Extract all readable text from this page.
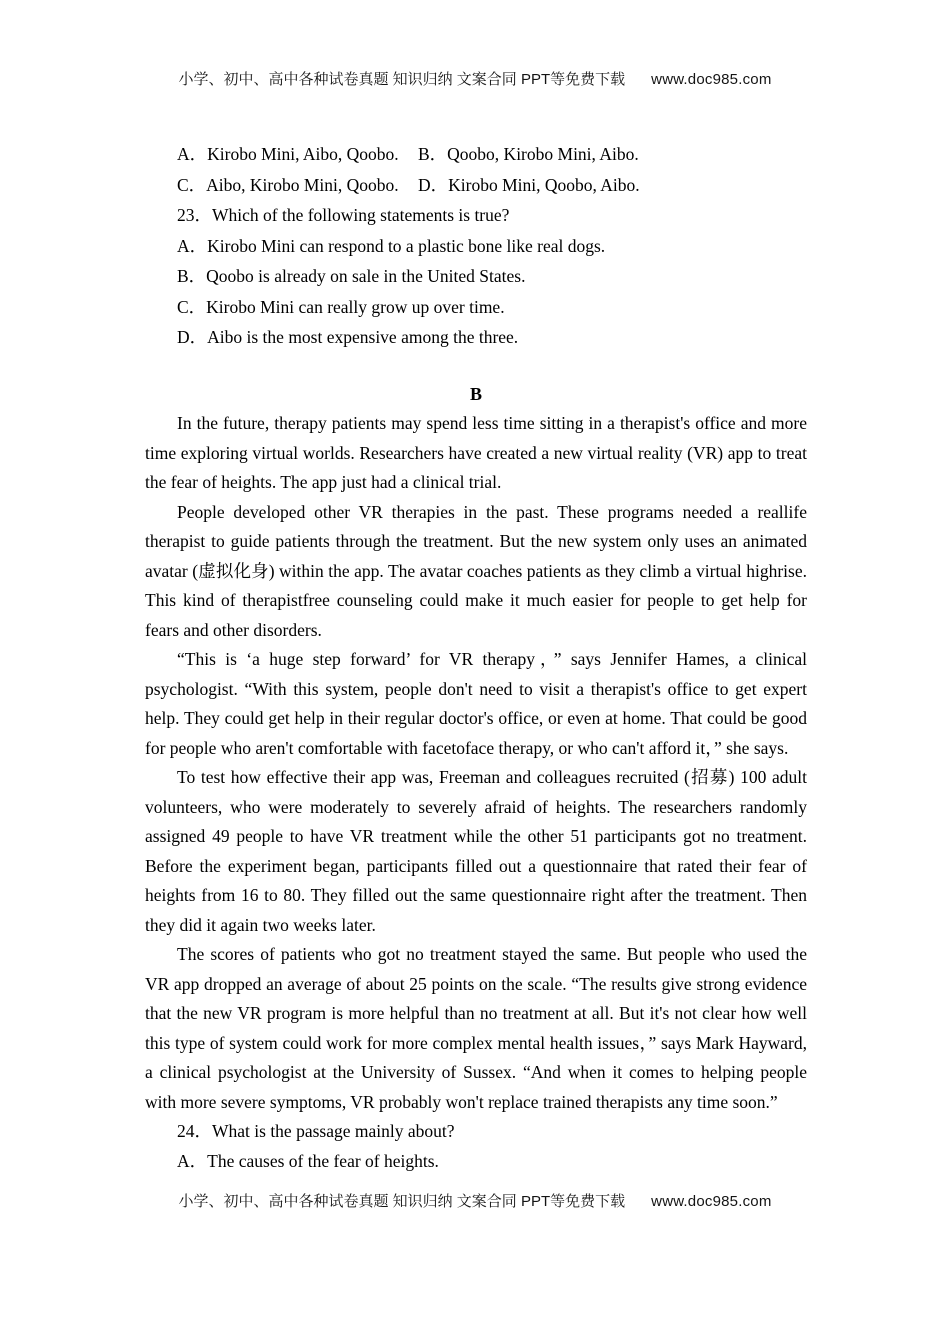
小学、初中、高中各种试卷真题 知识归纳 文案合同 PPT等免费下载 www.doc985.com
A．Kirobo Mini, Aibo, Qoobo. B．Qoobo, Kirobo Mini, Aibo.
C．Aibo, Kirobo Mini, Qoobo. D．Kirobo Mini, Qoobo, Aibo.
23．Which of the following statements is true?
A．Kirobo Mini can respond to a plastic bone like real dogs.
B．Qoobo is already on sale in the United States.
C．Kirobo Mini can really grow up over time.
D．Aibo is the most expensive among the three.
B

In the future, therapy patients may spend less time sitting in a therapist's office and more time exploring virtual worlds. Researchers have created a new virtual reality (VR) app to treat the fear of heights. The app just had a clinical trial.

People developed other VR therapies in the past. These programs needed a reallife therapist to guide patients through the treatment. But the new system only uses an animated avatar (虚拟化身) within the app. The avatar coaches patients as they climb a virtual highrise. This kind of therapistfree counseling could make it much easier for people to get help for fears and other disorders.

“This is ‘a huge step forward’ for VR therapy，” says Jennifer Hames, a clinical psychologist. “With this system, people don't need to visit a therapist's office to get expert help. They could get help in their regular doctor's office, or even at home. That could be good for people who aren't comfortable with facetoface therapy, or who can't afford it，” she says.

To test how effective their app was, Freeman and colleagues recruited (招募) 100 adult volunteers, who were moderately to severely afraid of heights. The researchers randomly assigned 49 people to have VR treatment while the other 51 participants got no treatment. Before the experiment began, participants filled out a questionnaire that rated their fear of heights from 16 to 80. They filled out the same questionnaire right after the treatment. Then they did it again two weeks later.

The scores of patients who got no treatment stayed the same. But people who used the VR app dropped an average of about 25 points on the scale. “The results give strong evidence that the new VR program is more helpful than no treatment at all. But it's not clear how well this type of system could work for more complex mental health issues，” says Mark Hayward, a clinical psychologist at the University of Sussex. “And when it comes to helping people with more severe symptoms, VR probably won't replace trained therapists any time soon.”

24．What is the passage mainly about?
A．The causes of the fear of heights.
小学、初中、高中各种试卷真题 知识归纳 文案合同 PPT等免费下载 www.doc985.com
